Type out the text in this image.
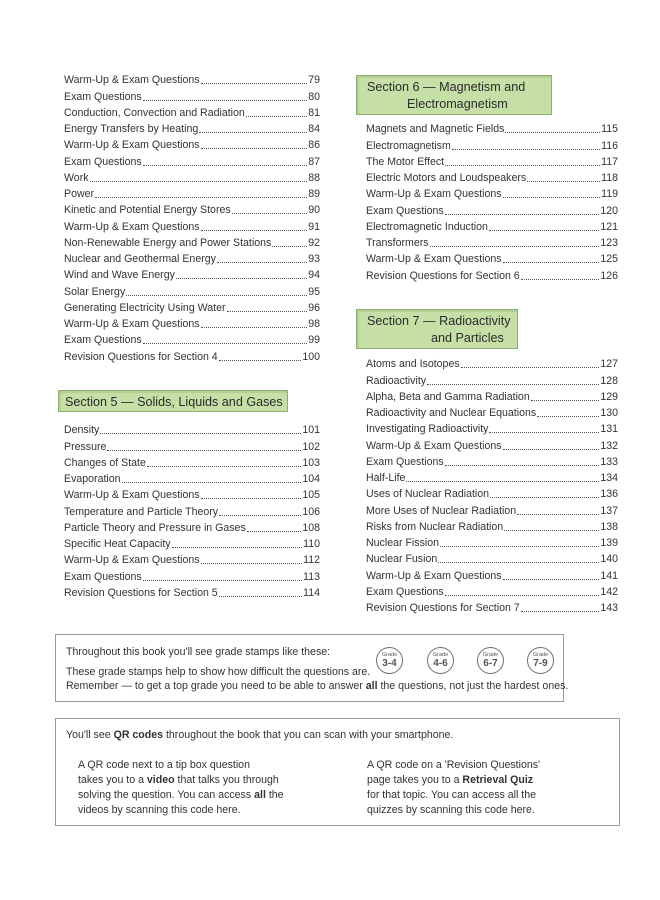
Warm-Up & Exam Questions	79
Exam Questions	80
Conduction, Convection and Radiation	81
Energy Transfers by Heating	84
Warm-Up & Exam Questions	86
Exam Questions	87
Work	88
Power	89
Kinetic and Potential Energy Stores	90
Warm-Up & Exam Questions	91
Non-Renewable Energy and Power Stations	92
Nuclear and Geothermal Energy	93
Wind and Wave Energy	94
Solar Energy	95
Generating Electricity Using Water	96
Warm-Up & Exam Questions	98
Exam Questions	99
Revision Questions for Section 4	100
Section 5 — Solids, Liquids and Gases
Density	101
Pressure	102
Changes of State	103
Evaporation	104
Warm-Up & Exam Questions	105
Temperature and Particle Theory	106
Particle Theory and Pressure in Gases	108
Specific Heat Capacity	110
Warm-Up & Exam Questions	112
Exam Questions	113
Revision Questions for Section 5	114
Section 6 — Magnetism and
Electromagnetism
Magnets and Magnetic Fields	115
Electromagnetism	116
The Motor Effect	117
Electric Motors and Loudspeakers	118
Warm-Up & Exam Questions	119
Exam Questions	120
Electromagnetic Induction	121
Transformers	123
Warm-Up & Exam Questions	125
Revision Questions for Section 6	126
Section 7 — Radioactivity
and Particles
Atoms and Isotopes	127
Radioactivity	128
Alpha, Beta and Gamma Radiation	129
Radioactivity and Nuclear Equations	130
Investigating Radioactivity	131
Warm-Up & Exam Questions	132
Exam Questions	133
Half-Life	134
Uses of Nuclear Radiation	136
More Uses of Nuclear Radiation	137
Risks from Nuclear Radiation	138
Nuclear Fission	139
Nuclear Fusion	140
Warm-Up & Exam Questions	141
Exam Questions	142
Revision Questions for Section 7	143
Throughout this book you'll see grade stamps like these:
These grade stamps help to show how difficult the questions are.
Remember — to get a top grade you need to be able to answer all the questions, not just the hardest ones.
Grade
3-4
Grade
4-6
Grade
6-7
Grade
7-9
You'll see QR codes throughout the book that you can scan with your smartphone.
A QR code next to a tip box question
takes you to a video that talks you through
solving the question. You can access all the
videos by scanning this code here.
A QR code on a 'Revision Questions'
page takes you to a Retrieval Quiz
for that topic. You can access all the
quizzes by scanning this code here.
